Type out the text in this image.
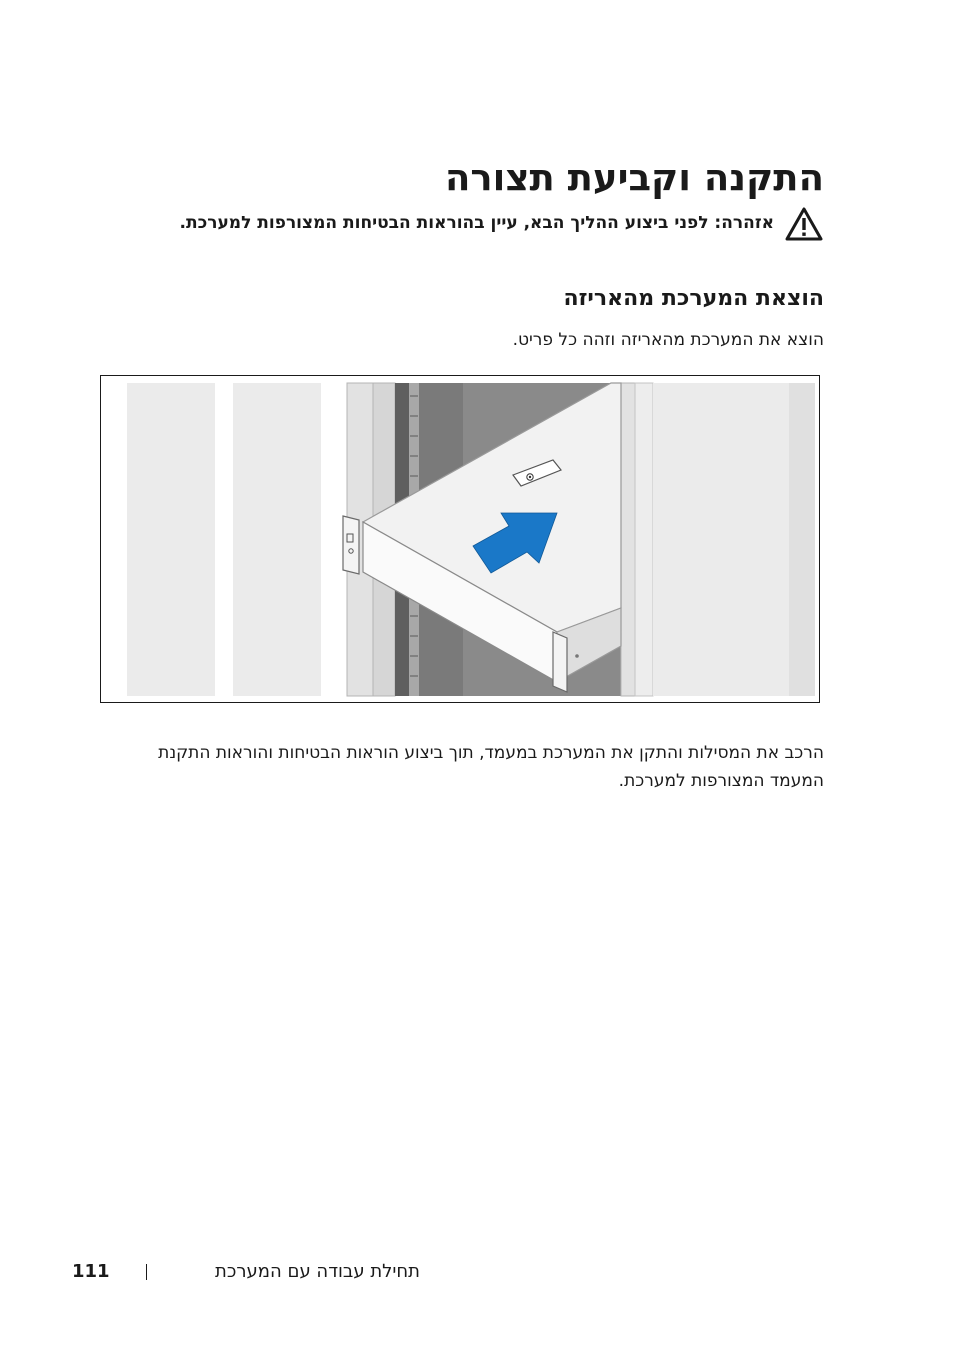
התקנה וקביעת תצורה
אזהרה: לפני ביצוע ההליך הבא, עיין בהוראות הבטיחות המצורפות למערכת.
הוצאת המערכת מהאריזה

הוצא את המערכת מהאריזה וזהה כל פריט.

הרכב את המסילות והתקן את המערכת במעמד, תוך ביצוע הוראות הבטיחות והוראות התקנת המעמד המצורפות למערכת.

111	תחילת עבודה עם המערכת
